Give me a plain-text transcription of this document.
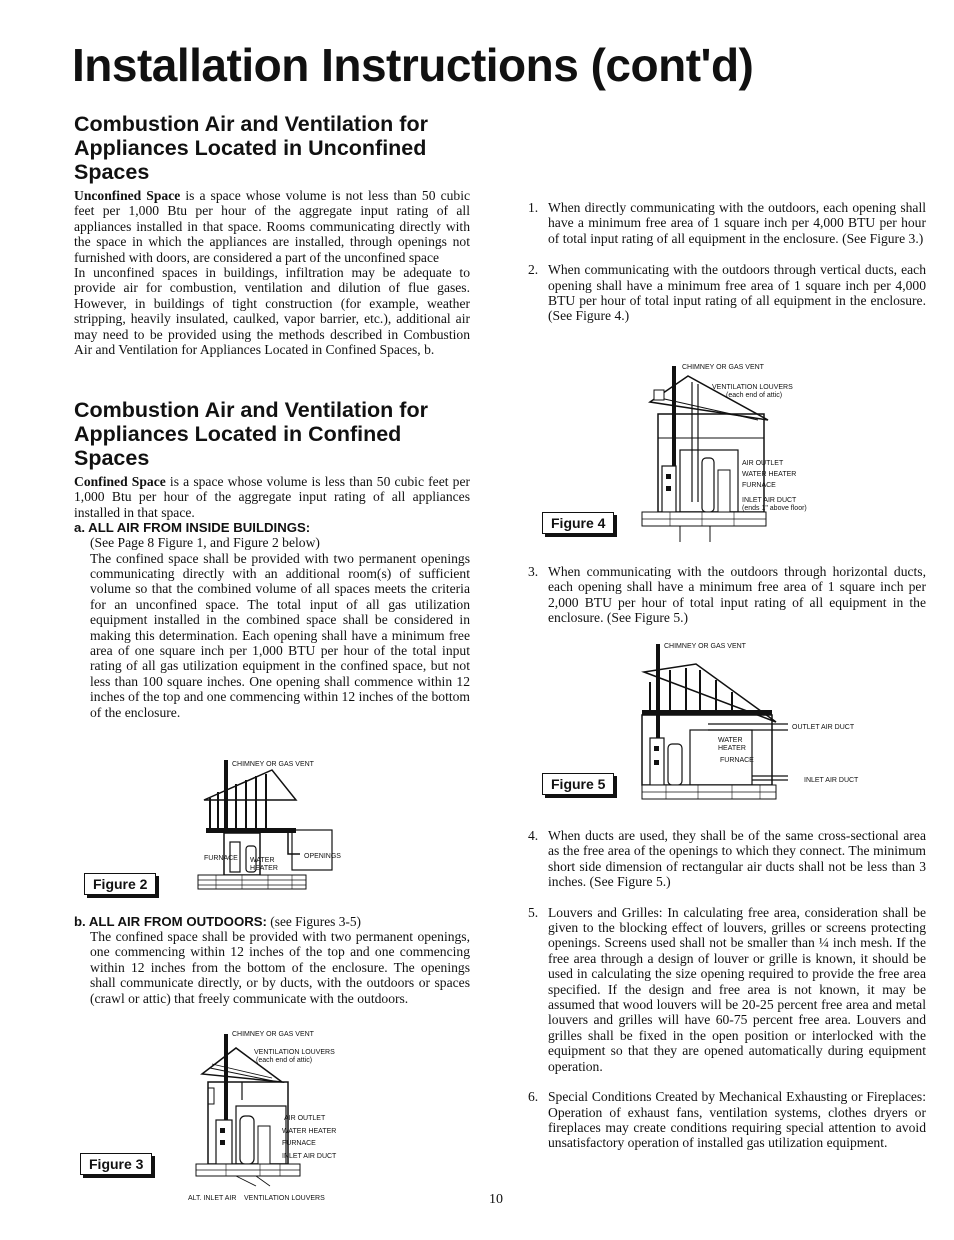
Installation Instructions (cont'd)
Combustion Air and Ventilation for Appliances Located in Unconfined Spaces

Unconfined Space is a space whose volume is not less than 50 cubic feet per 1,000 Btu per hour of the aggregate input rating of all appliances installed in that space. Rooms communicating directly with the space in which the appliances are installed, through openings not furnished with doors, are considered a part of the unconfined space

In unconfined spaces in buildings, infiltration may be adequate to provide air for combustion, ventilation and dilution of flue gases. However, in buildings of tight construction (for example, weather stripping, heavily insulated, caulked, vapor barrier, etc.), additional air may need to be provided using the methods described in Combustion Air and Ventilation for Appliances Located in Confined Spaces, b.

Combustion Air and Ventilation for Appliances Located in Confined Spaces

Confined Space is a space whose volume is less than 50 cubic feet per 1,000 Btu per hour of the aggregate input rating of all appliances installed in that space.

a. ALL AIR FROM INSIDE BUILDINGS:

(See Page 8 Figure 1, and Figure 2 below)

The confined space shall be provided with two permanent openings communicating directly with an additional room(s) of sufficient volume so that the combined volume of all spaces meets the criteria for an unconfined space. The total input of all gas utilization equipment installed in the combined space shall be considered in making this determination. Each opening shall have a minimum free area of one square inch per 1,000 BTU per hour of the total input rating of all gas utilization equipment in the confined space, but not less than 100 square inches. One opening shall commence within 12 inches of the top and one commencing within 12 inches of the bottom of the enclosure.

CHIMNEY OR GAS VENT
FURNACE WATER
HEATER
OPENINGS
Figure 2

b. ALL AIR FROM OUTDOORS: (see Figures 3-5)

The confined space shall be provided with two permanent openings, one commencing within 12 inches of the top and one commencing within 12 inches from the bottom of the enclosure. The openings shall communicate directly, or by ducts, with the outdoors or spaces (crawl or attic) that freely communicate with the outdoors.

CHIMNEY OR GAS VENT
VENTILATION LOUVERS
(each end of attic)
AIR OUTLET
WATER HEATER
FURNACE
INLET AIR DUCT
ALT. INLET AIR VENTILATION LOUVERS
Figure 3
1. When directly communicating with the outdoors, each opening shall have a minimum free area of 1 square inch per 4,000 BTU per hour of total input rating of all equipment in the enclosure. (See Figure 3.)
2. When communicating with the outdoors through vertical ducts, each opening shall have a minimum free area of 1 square inch per 4,000 BTU per hour of total input rating of all equipment in the enclosure. (See Figure 4.)
CHIMNEY OR GAS VENT
VENTILATION LOUVERS
(each end of attic)
AIR OUTLET
WATER HEATER
FURNACE
INLET AIR DUCT
(ends 1" above floor)
Figure 4
3. When communicating with the outdoors through horizontal ducts, each opening shall have a minimum free area of 1 square inch per 2,000 BTU per hour of total input rating of all equipment in the enclosure. (See Figure 5.)
CHIMNEY OR GAS VENT
OUTLET AIR DUCT
WATER
HEATER
FURNACE
INLET AIR DUCT
Figure 5
4. When ducts are used, they shall be of the same cross-sectional area as the free area of the openings to which they connect. The minimum short side dimension of rectangular air ducts shall not be less than 3 inches. (See Figure 5.)
5. Louvers and Grilles: In calculating free area, consideration shall be given to the blocking effect of louvers, grilles or screens protecting openings. Screens used shall not be smaller than ¼ inch mesh. If the free area through a design of louver or grille is known, it should be used in calculating the size opening required to provide the free area specified. If the design and free area is not known, it may be assumed that wood louvers will be 20-25 percent free area and metal louvers and grilles will have 60-75 percent free area. Louvers and grilles shall be fixed in the open position or interlocked with the equipment so that they are opened automatically during equipment operation.
6. Special Conditions Created by Mechanical Exhausting or Fireplaces: Operation of exhaust fans, ventilation systems, clothes dryers or fireplaces may create conditions requiring special attention to avoid unsatisfactory operation of installed gas utilization equipment.
10
